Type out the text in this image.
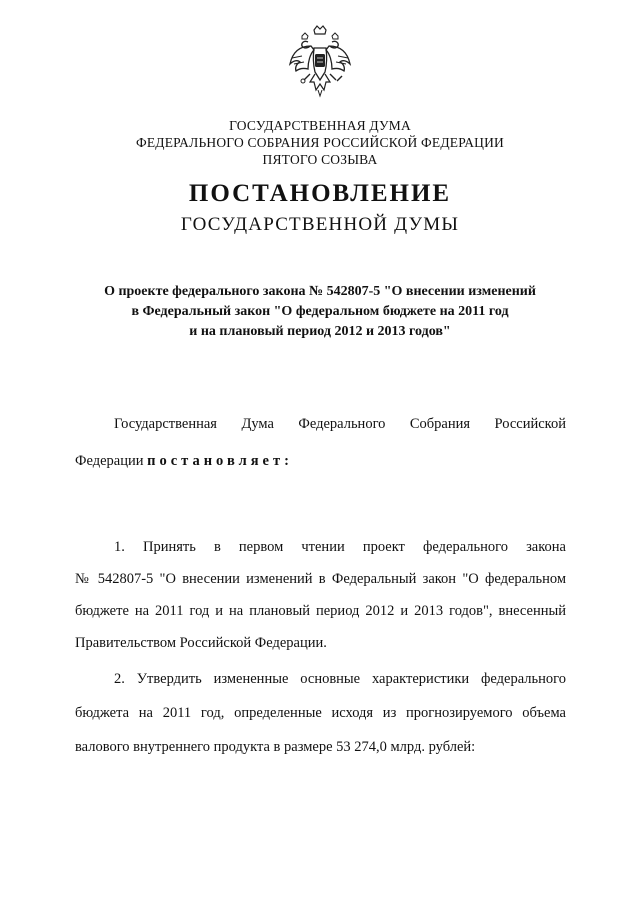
ГОСУДАРСТВЕННАЯ ДУМА
ФЕДЕРАЛЬНОГО СОБРАНИЯ РОССИЙСКОЙ ФЕДЕРАЦИИ
ПЯТОГО СОЗЫВА
ПОСТАНОВЛЕНИЕ
ГОСУДАРСТВЕННОЙ ДУМЫ
О проекте федерального закона № 542807-5 "О внесении изменений
в Федеральный закон "О федеральном бюджете на 2011 год
и на плановый период 2012 и 2013 годов"
Государственная Дума Федерального Собрания Российской
Федерации постановляет:
1. Принять в первом чтении проект федерального закона
№ 542807-5 "О внесении изменений в Федеральный закон "О федеральном
бюджете на 2011 год и на плановый период 2012 и 2013 годов", внесенный
Правительством Российской Федерации.
2. Утвердить измененные основные характеристики федерального
бюджета на 2011 год, определенные исходя из прогнозируемого объема
валового внутреннего продукта в размере 53 274,0 млрд. рублей:
